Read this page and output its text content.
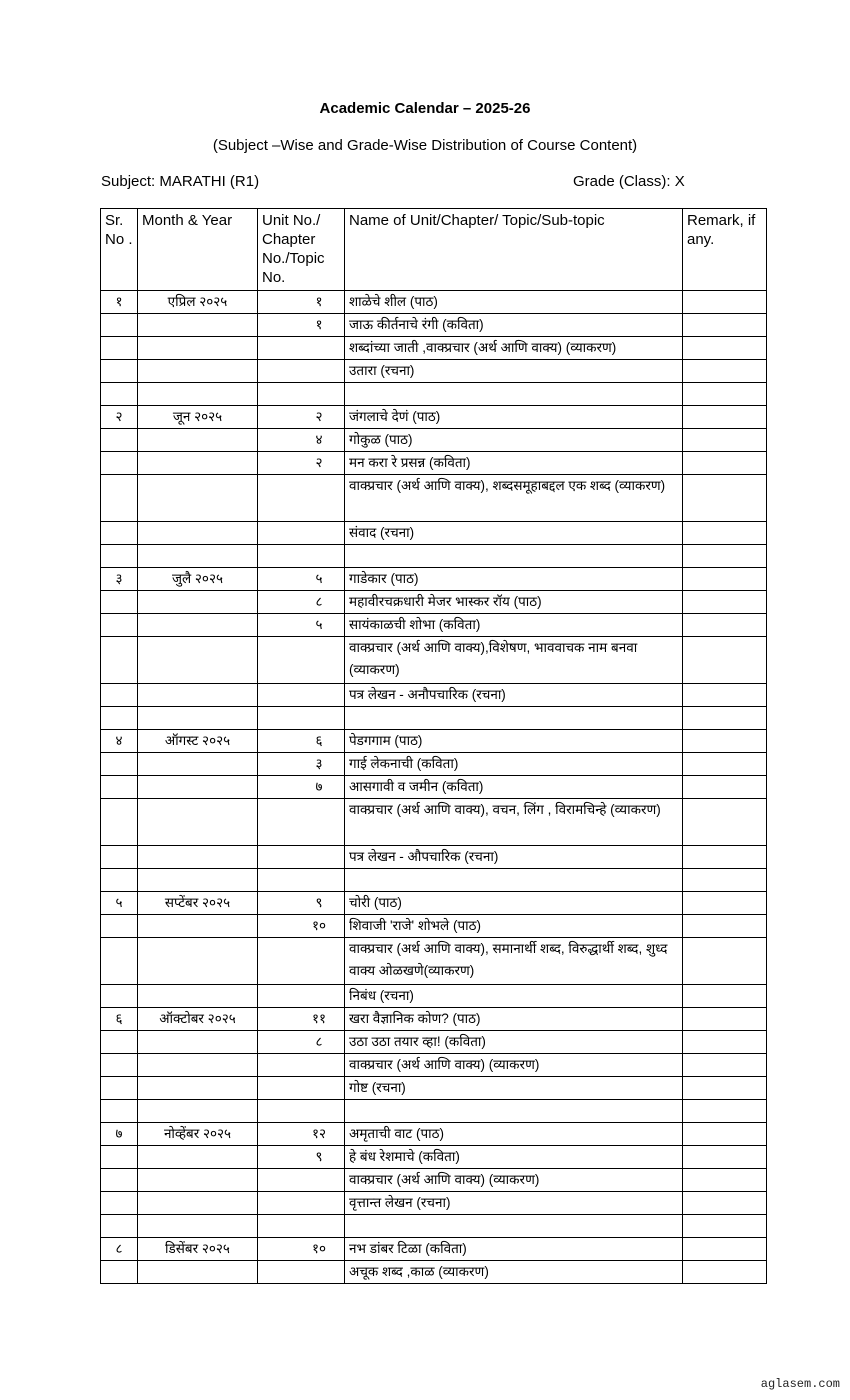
Academic Calendar – 2025-26
(Subject –Wise and Grade-Wise Distribution of Course Content)
Subject: MARATHI (R1)	Grade (Class): X
Sr. No .	Month & Year	Unit No./ Chapter No./Topic No.	Name of Unit/Chapter/ Topic/Sub-topic	Remark, if any.
१	एप्रिल २०२५	१	शाळेचे शील (पाठ)	
		१	जाऊ कीर्तनाचे रंगी (कविता)	
			शब्दांच्या जाती ,वाक्प्रचार (अर्थ आणि वाक्य) (व्याकरण)	
			उतारा (रचना)	

२	जून २०२५	२	जंगलाचे देणं (पाठ)	
		४	गोकुळ (पाठ)	
		२	मन करा रे प्रसन्न (कविता)	
			वाक्प्रचार (अर्थ आणि वाक्य), शब्दसमूहाबद्दल एक शब्द (व्याकरण)	
			संवाद (रचना)	

३	जुलै २०२५	५	गाडेकार (पाठ)	
		८	महावीरचक्रधारी मेजर भास्कर रॉय (पाठ)	
		५	सायंकाळची शोभा (कविता)	
			वाक्प्रचार (अर्थ आणि वाक्य),विशेषण, भाववाचक नाम बनवा (व्याकरण)	
			पत्र लेखन - अनौपचारिक (रचना)	

४	ऑगस्ट २०२५	६	पेडगगाम (पाठ)	
		३	गाई लेकनाची (कविता)	
		७	आसगावी व जमीन (कविता)	
			वाक्प्रचार (अर्थ आणि वाक्य), वचन, लिंग , विरामचिन्हे (व्याकरण)	
			पत्र लेखन - औपचारिक (रचना)	

५	सप्टेंबर २०२५	९	चोरी (पाठ)	
		१०	शिवाजी 'राजे' शोभले (पाठ)	
			वाक्प्रचार (अर्थ आणि वाक्य), समानार्थी शब्द, विरुद्धार्थी शब्द, शुध्द वाक्य ओळखणे(व्याकरण)	
			निबंध (रचना)	
६	ऑक्टोबर २०२५	११	खरा वैज्ञानिक कोण? (पाठ)	
		८	उठा उठा तयार व्हा! (कविता)	
			वाक्प्रचार (अर्थ आणि वाक्य) (व्याकरण)	
			गोष्ट (रचना)	

७	नोव्हेंबर २०२५	१२	अमृताची वाट (पाठ)	
		९	हे बंध रेशमाचे (कविता)	
			वाक्प्रचार (अर्थ आणि वाक्य) (व्याकरण)	
			वृत्तान्त लेखन (रचना)	

८	डिसेंबर २०२५	१०	नभ डांबर टिळा (कविता)	
			अचूक शब्द ,काळ (व्याकरण)	
aglasem.com
